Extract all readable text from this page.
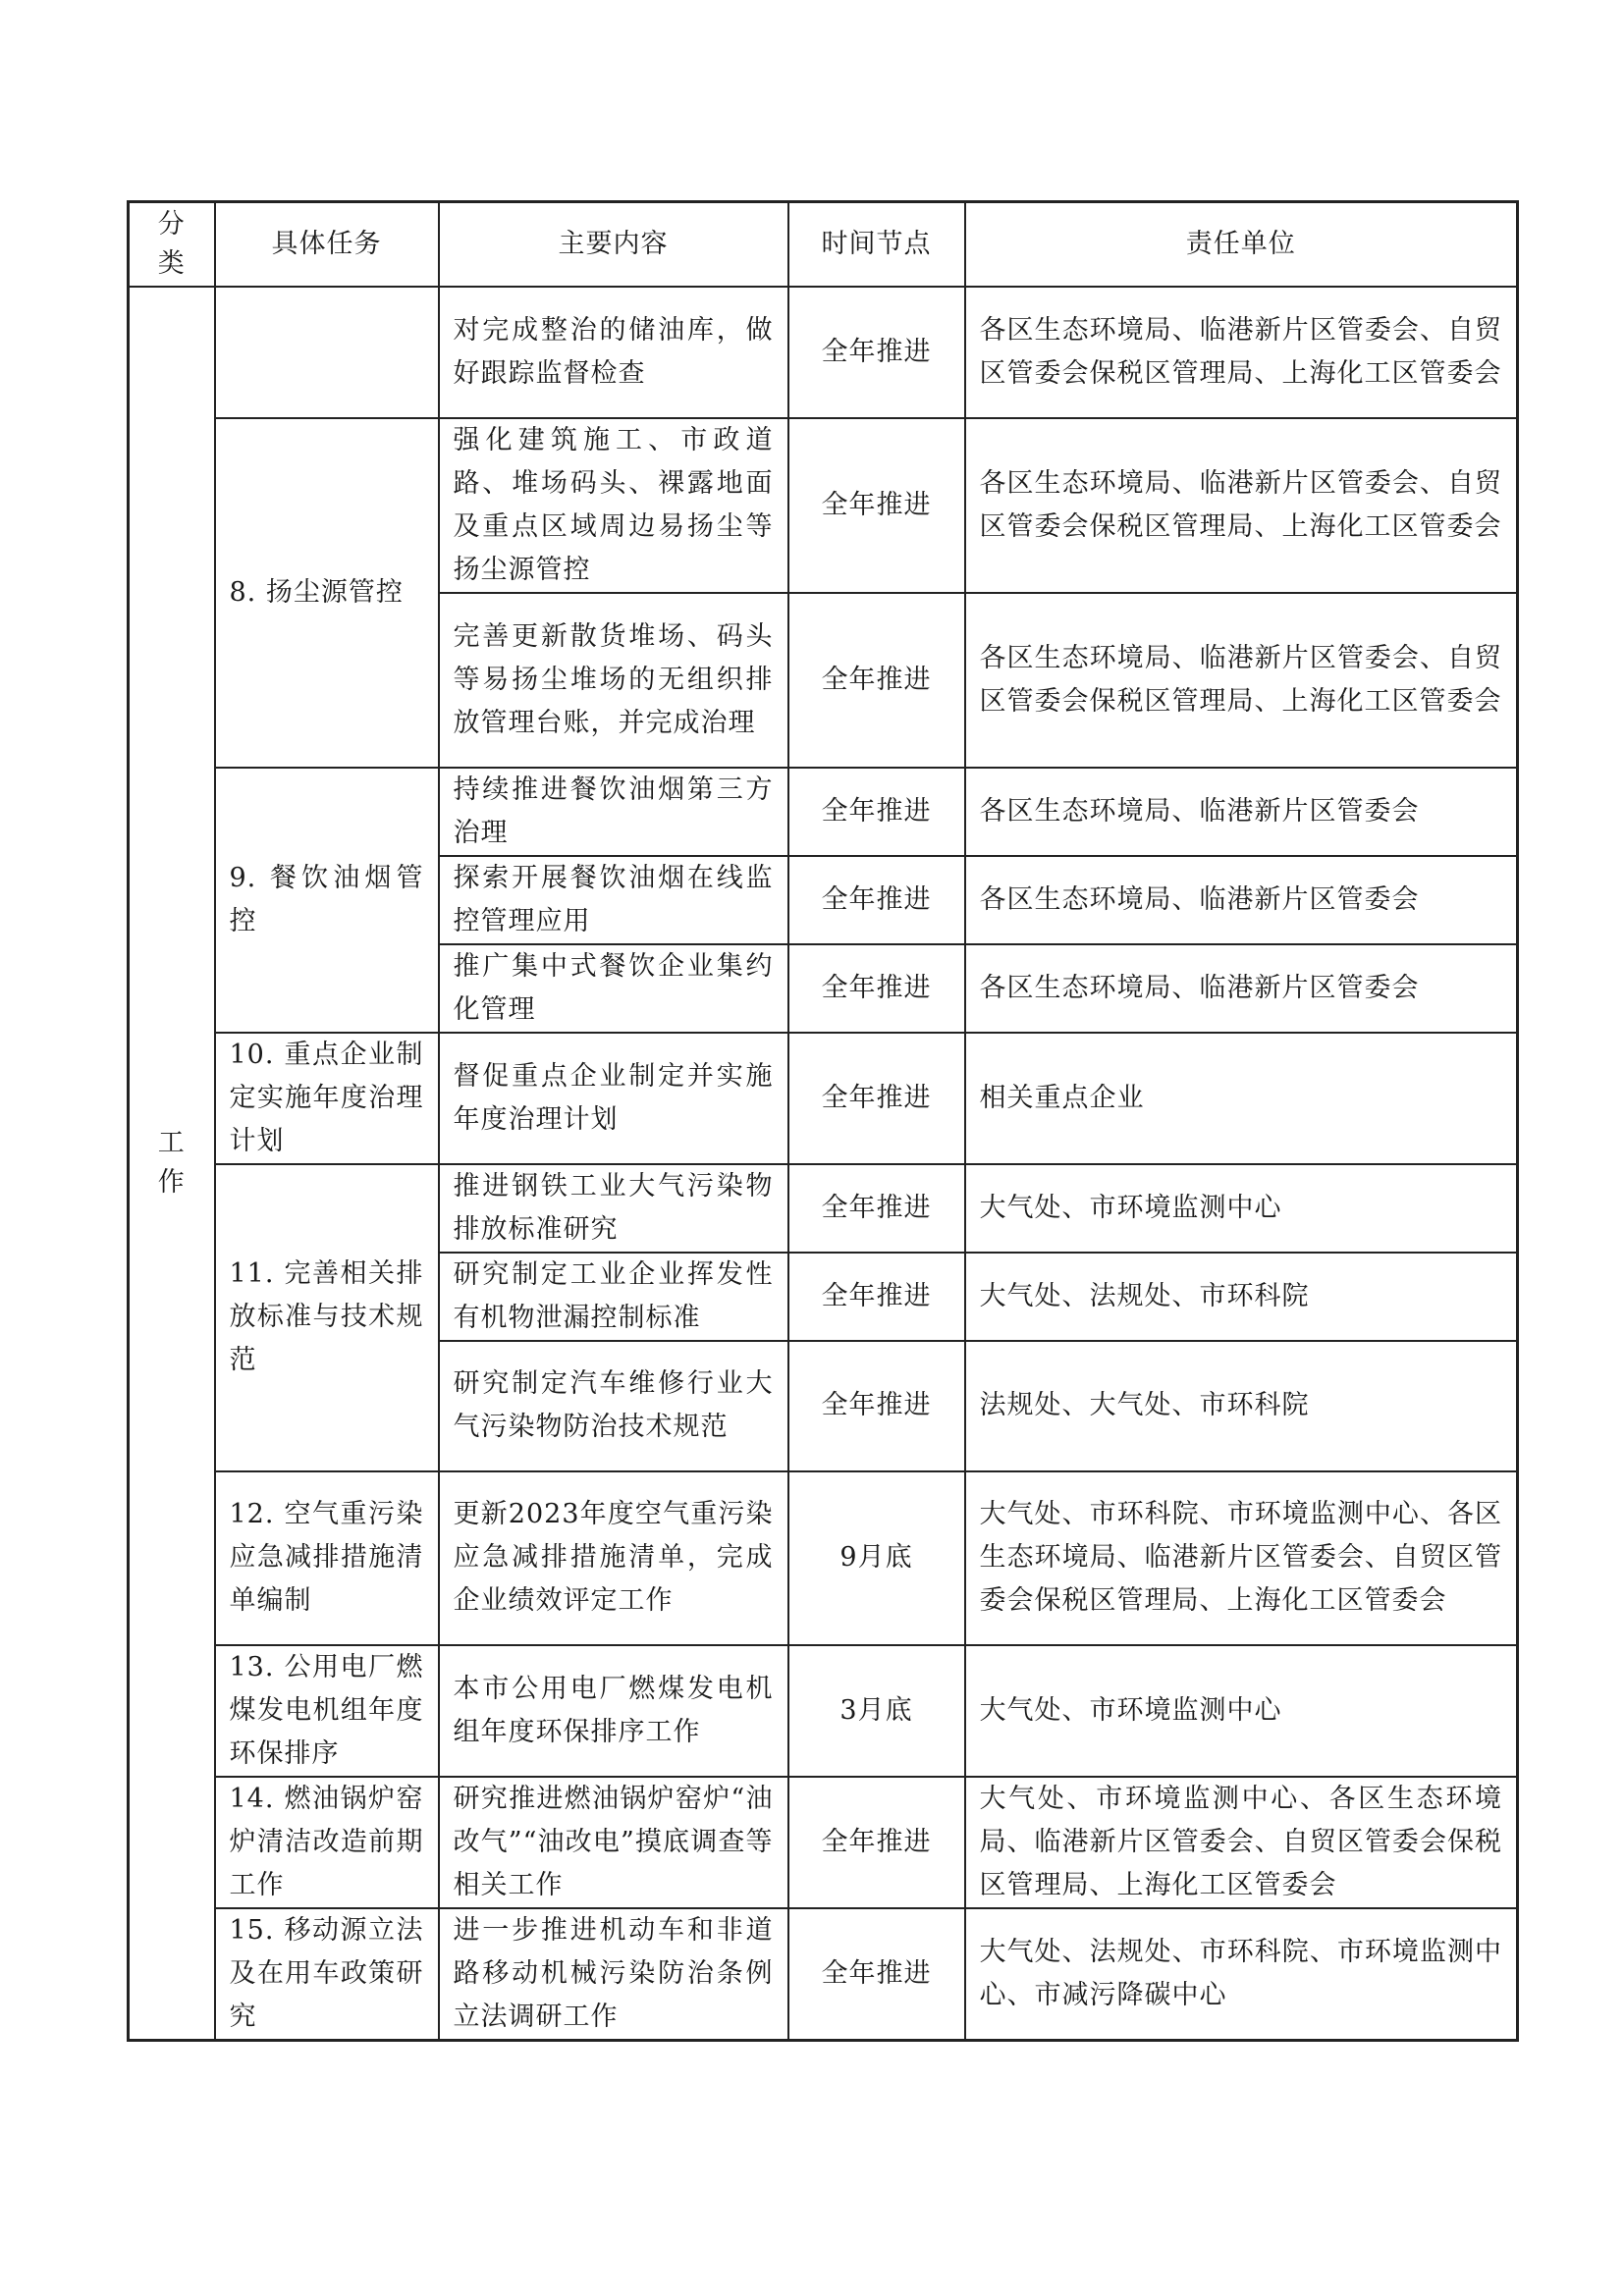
分类	具体任务	主要内容	时间节点	责任单位

工作		对完成整治的储油库，做好跟踪监督检查	全年推进	各区生态环境局、临港新片区管委会、自贸区管委会保税区管理局、上海化工区管委会
	8. 扬尘源管控	强化建筑施工、市政道路、堆场码头、裸露地面及重点区域周边易扬尘等扬尘源管控	全年推进	各区生态环境局、临港新片区管委会、自贸区管委会保税区管理局、上海化工区管委会
		完善更新散货堆场、码头等易扬尘堆场的无组织排放管理台账，并完成治理	全年推进	各区生态环境局、临港新片区管委会、自贸区管委会保税区管理局、上海化工区管委会
	9. 餐饮油烟管控	持续推进餐饮油烟第三方治理	全年推进	各区生态环境局、临港新片区管委会
		探索开展餐饮油烟在线监控管理应用	全年推进	各区生态环境局、临港新片区管委会
		推广集中式餐饮企业集约化管理	全年推进	各区生态环境局、临港新片区管委会
	10. 重点企业制定实施年度治理计划	督促重点企业制定并实施年度治理计划	全年推进	相关重点企业
	11. 完善相关排放标准与技术规范	推进钢铁工业大气污染物排放标准研究	全年推进	大气处、市环境监测中心
		研究制定工业企业挥发性有机物泄漏控制标准	全年推进	大气处、法规处、市环科院
		研究制定汽车维修行业大气污染物防治技术规范	全年推进	法规处、大气处、市环科院
	12. 空气重污染应急减排措施清单编制	更新2023年度空气重污染应急减排措施清单，完成企业绩效评定工作	9月底	大气处、市环科院、市环境监测中心、各区生态环境局、临港新片区管委会、自贸区管委会保税区管理局、上海化工区管委会
	13. 公用电厂燃煤发电机组年度环保排序	本市公用电厂燃煤发电机组年度环保排序工作	3月底	大气处、市环境监测中心
	14. 燃油锅炉窑炉清洁改造前期工作	研究推进燃油锅炉窑炉“油改气”“油改电”摸底调查等相关工作	全年推进	大气处、市环境监测中心、各区生态环境局、临港新片区管委会、自贸区管委会保税区管理局、上海化工区管委会
	15. 移动源立法及在用车政策研究	进一步推进机动车和非道路移动机械污染防治条例立法调研工作	全年推进	大气处、法规处、市环科院、市环境监测中心、市减污降碳中心
